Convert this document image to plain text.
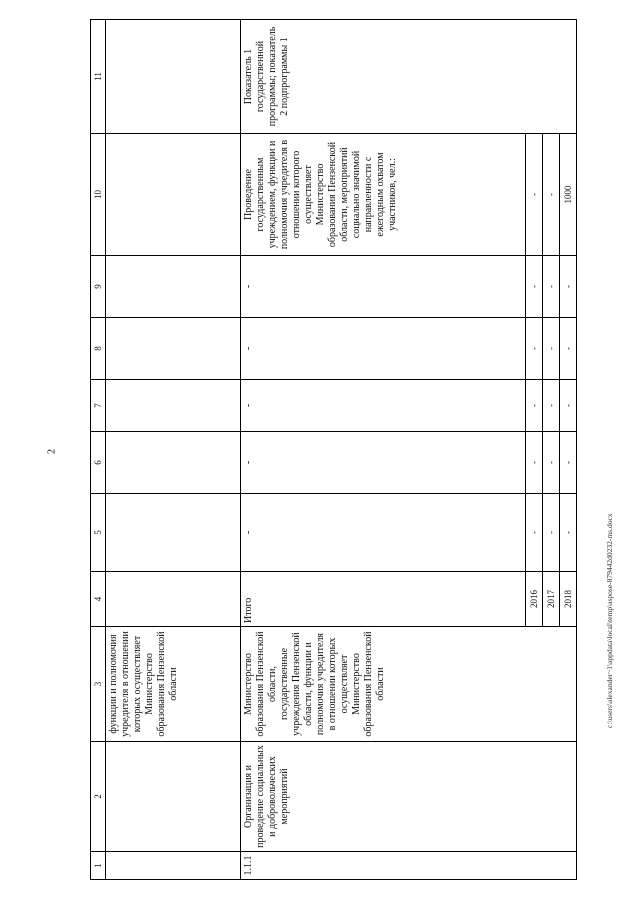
2
1	2	3	4	5	6	7	8	9	10	11
		функции и полномочия учредителя в отношении которых осуществляет Министерство образования Пензенской области								
1.1.1	Организация и проведение социальных и добровольческих мероприятий	Министерство образования Пензенской области, государственные учреждения Пензенской области, функции и полномочия учредителя в отношении которых осуществляет Министерство образования Пензенской области	Итого	-	-	-	-	-	Проведение государственным учреждением, функции и полномочия учредителя в отношении которого осуществляет Министерство образования Пензенской области, мероприятий социально значимой направленности с ежегодным охватом участников, чел.:	Показатель 1 государственной программы; показатель 2 подпрограммы 1
			2016	-	-	-	-	-	-	
			2017	-	-	-	-	-	-	
			2018	-	-	-	-	-	1000	
c:\users\alexander~1\appdata\local\temp\aspose-879442d0232-ms.docx
